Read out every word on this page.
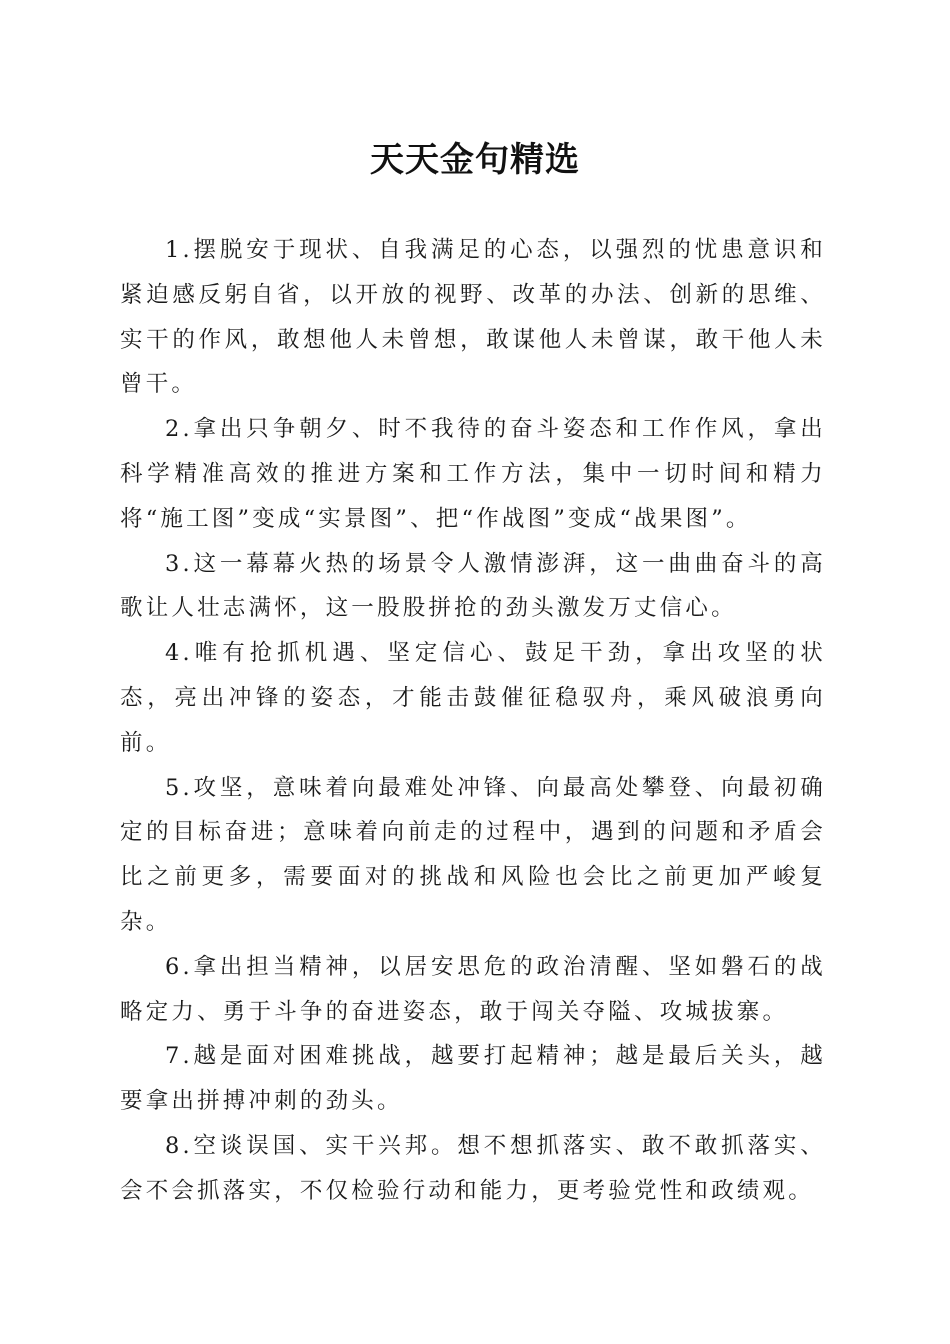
天天金句精选

1.摆脱安于现状、自我满足的心态，以强烈的忧患意识和紧迫感反躬自省，以开放的视野、改革的办法、创新的思维、实干的作风，敢想他人未曾想，敢谋他人未曾谋，敢干他人未曾干。

2.拿出只争朝夕、时不我待的奋斗姿态和工作作风，拿出科学精准高效的推进方案和工作方法，集中一切时间和精力将“施工图”变成“实景图”、把“作战图”变成“战果图”。

3.这一幕幕火热的场景令人激情澎湃，这一曲曲奋斗的高歌让人壮志满怀，这一股股拼抢的劲头激发万丈信心。

4.唯有抢抓机遇、坚定信心、鼓足干劲，拿出攻坚的状态，亮出冲锋的姿态，才能击鼓催征稳驭舟，乘风破浪勇向前。

5.攻坚，意味着向最难处冲锋、向最高处攀登、向最初确定的目标奋进；意味着向前走的过程中，遇到的问题和矛盾会比之前更多，需要面对的挑战和风险也会比之前更加严峻复杂。

6.拿出担当精神，以居安思危的政治清醒、坚如磐石的战略定力、勇于斗争的奋进姿态，敢于闯关夺隘、攻城拔寨。

7.越是面对困难挑战，越要打起精神；越是最后关头，越要拿出拼搏冲刺的劲头。

8.空谈误国、实干兴邦。想不想抓落实、敢不敢抓落实、会不会抓落实，不仅检验行动和能力，更考验党性和政绩观。
